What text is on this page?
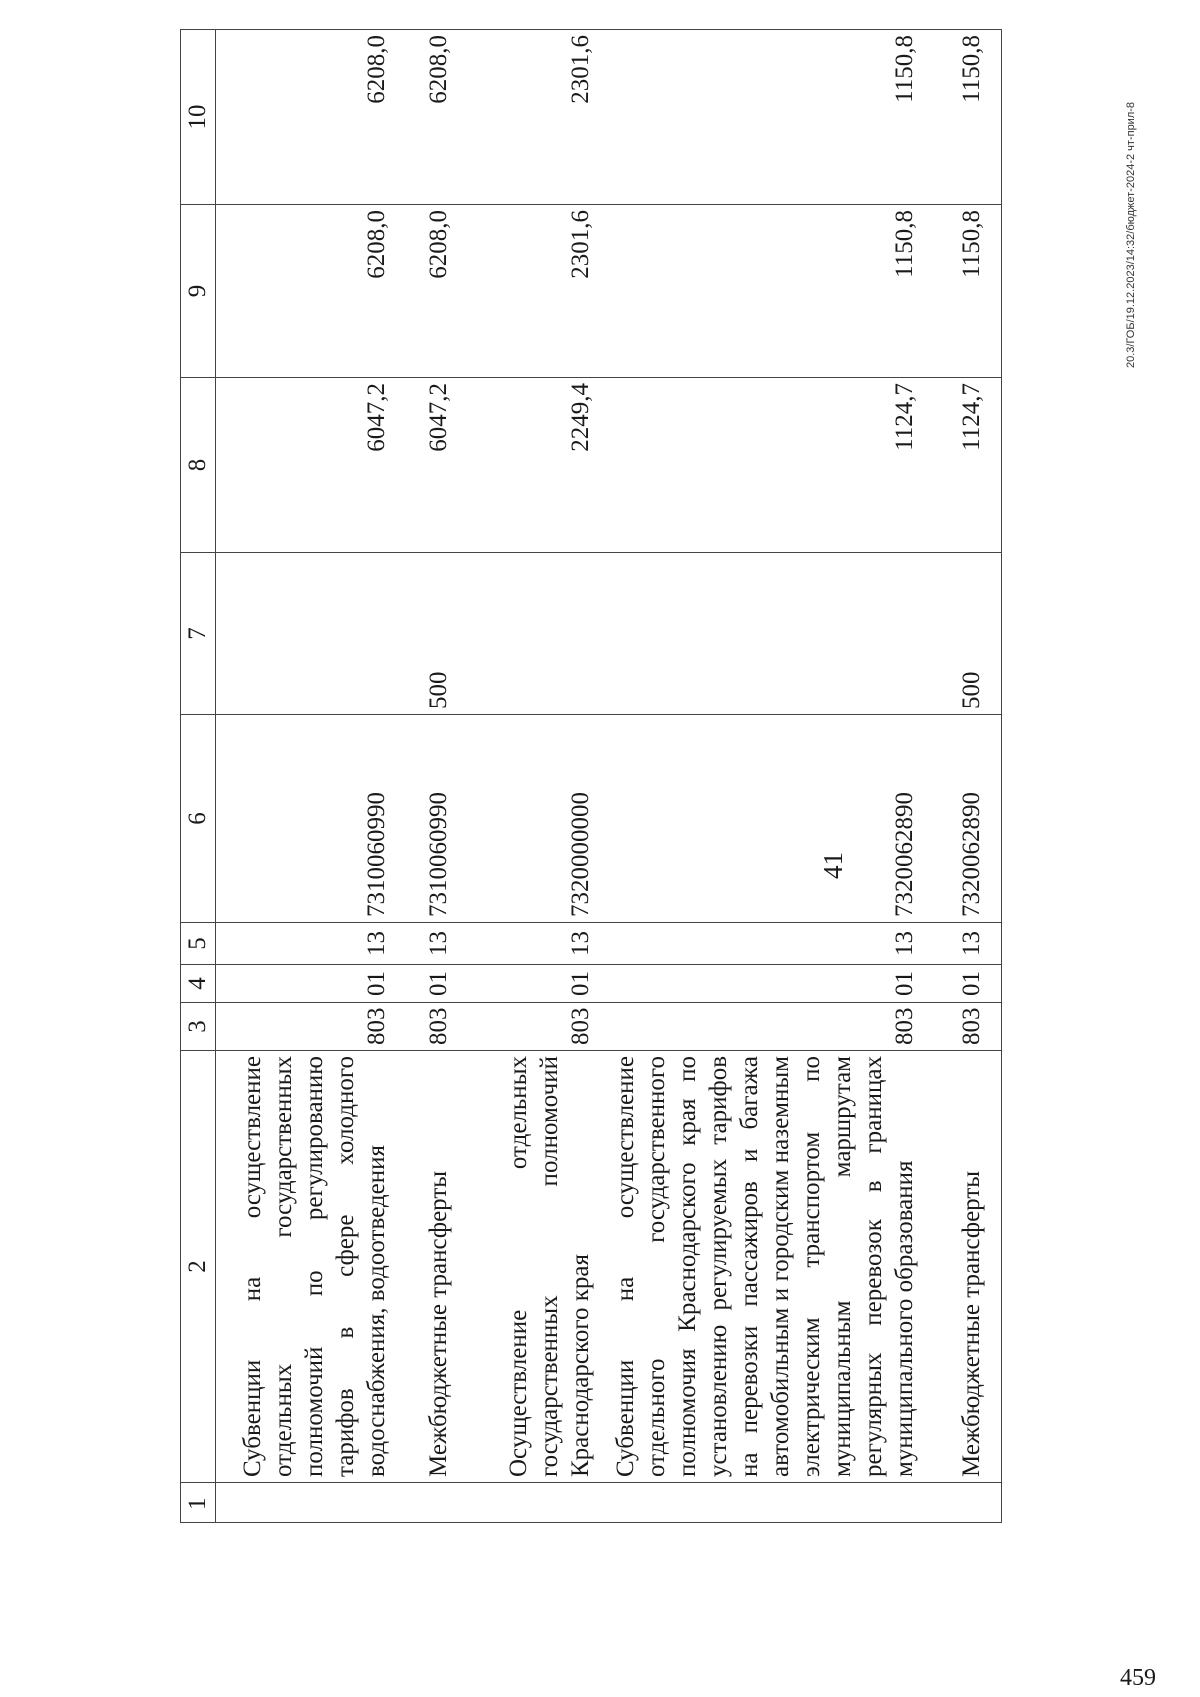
41
1	2	3	4	5	6	7	8	9	10
	Субвенции на осуществление отдельных государственных полномочий по регулированию тарифов в сфере холодного водоснабжения, водоотведения	803	01	13	7310060990		6047,2	6208,0	6208,0
	Межбюджетные трансферты	803	01	13	7310060990	500	6047,2	6208,0	6208,0
	Осуществление отдельных государственных полномочий Краснодарского края	803	01	13	7320000000		2249,4	2301,6	2301,6
	Субвенции на осуществление отдельного государственного полномочия Краснодарского края по установлению регулируемых тарифов на перевозки пассажиров и багажа автомобильным и городским наземным электрическим транспортом по муниципальным маршрутам регулярных перевозок в границах муниципального образования	803	01	13	7320062890		1124,7	1150,8	1150,8
	Межбюджетные трансферты	803	01	13	7320062890	500	1124,7	1150,8	1150,8
20.3/ГОБ/19.12.2023/14:32/бюджет-2024-2 чт-прил-8
459
